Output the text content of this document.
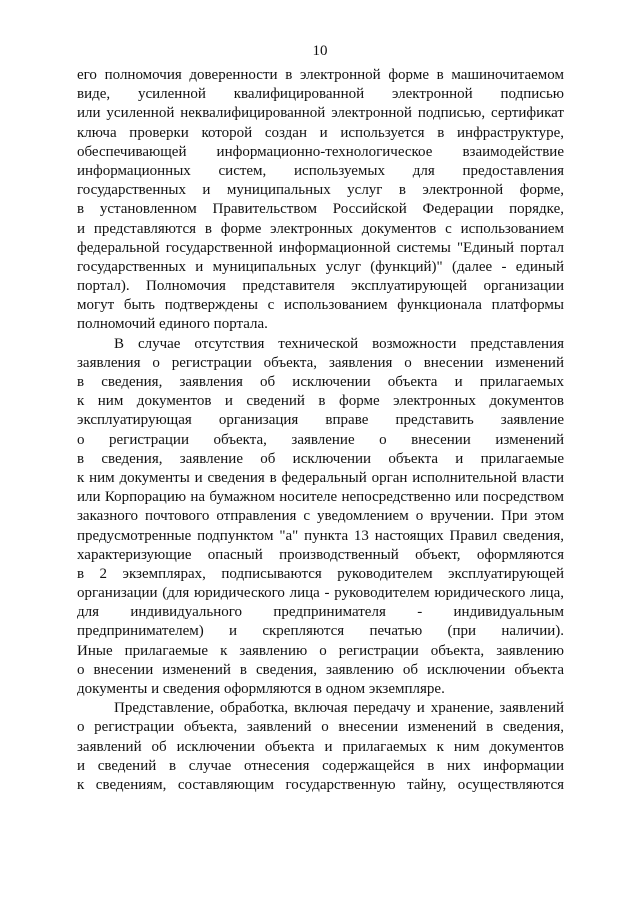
10
его полномочия доверенности в электронной форме в машиночитаемом
виде, усиленной квалифицированной электронной подписью
или усиленной неквалифицированной электронной подписью, сертификат
ключа проверки которой создан и используется в инфраструктуре,
обеспечивающей информационно-технологическое взаимодействие
информационных систем, используемых для предоставления
государственных и муниципальных услуг в электронной форме,
в установленном Правительством Российской Федерации порядке,
и представляются в форме электронных документов с использованием
федеральной государственной информационной системы "Единый портал
государственных и муниципальных услуг (функций)" (далее - единый
портал). Полномочия представителя эксплуатирующей организации
могут быть подтверждены с использованием функционала платформы
полномочий единого портала.
В случае отсутствия технической возможности представления
заявления о регистрации объекта, заявления о внесении изменений
в сведения, заявления об исключении объекта и прилагаемых
к ним документов и сведений в форме электронных документов
эксплуатирующая организация вправе представить заявление
о регистрации объекта, заявление о внесении изменений
в сведения, заявление об исключении объекта и прилагаемые
к ним документы и сведения в федеральный орган исполнительной власти
или Корпорацию на бумажном носителе непосредственно или посредством
заказного почтового отправления с уведомлением о вручении. При этом
предусмотренные подпунктом "а" пункта 13 настоящих Правил сведения,
характеризующие опасный производственный объект, оформляются
в 2 экземплярах, подписываются руководителем эксплуатирующей
организации (для юридического лица - руководителем юридического лица,
для индивидуального предпринимателя - индивидуальным
предпринимателем) и скрепляются печатью (при наличии).
Иные прилагаемые к заявлению о регистрации объекта, заявлению
о внесении изменений в сведения, заявлению об исключении объекта
документы и сведения оформляются в одном экземпляре.
Представление, обработка, включая передачу и хранение, заявлений
о регистрации объекта, заявлений о внесении изменений в сведения,
заявлений об исключении объекта и прилагаемых к ним документов
и сведений в случае отнесения содержащейся в них информации
к сведениям, составляющим государственную тайну, осуществляются
